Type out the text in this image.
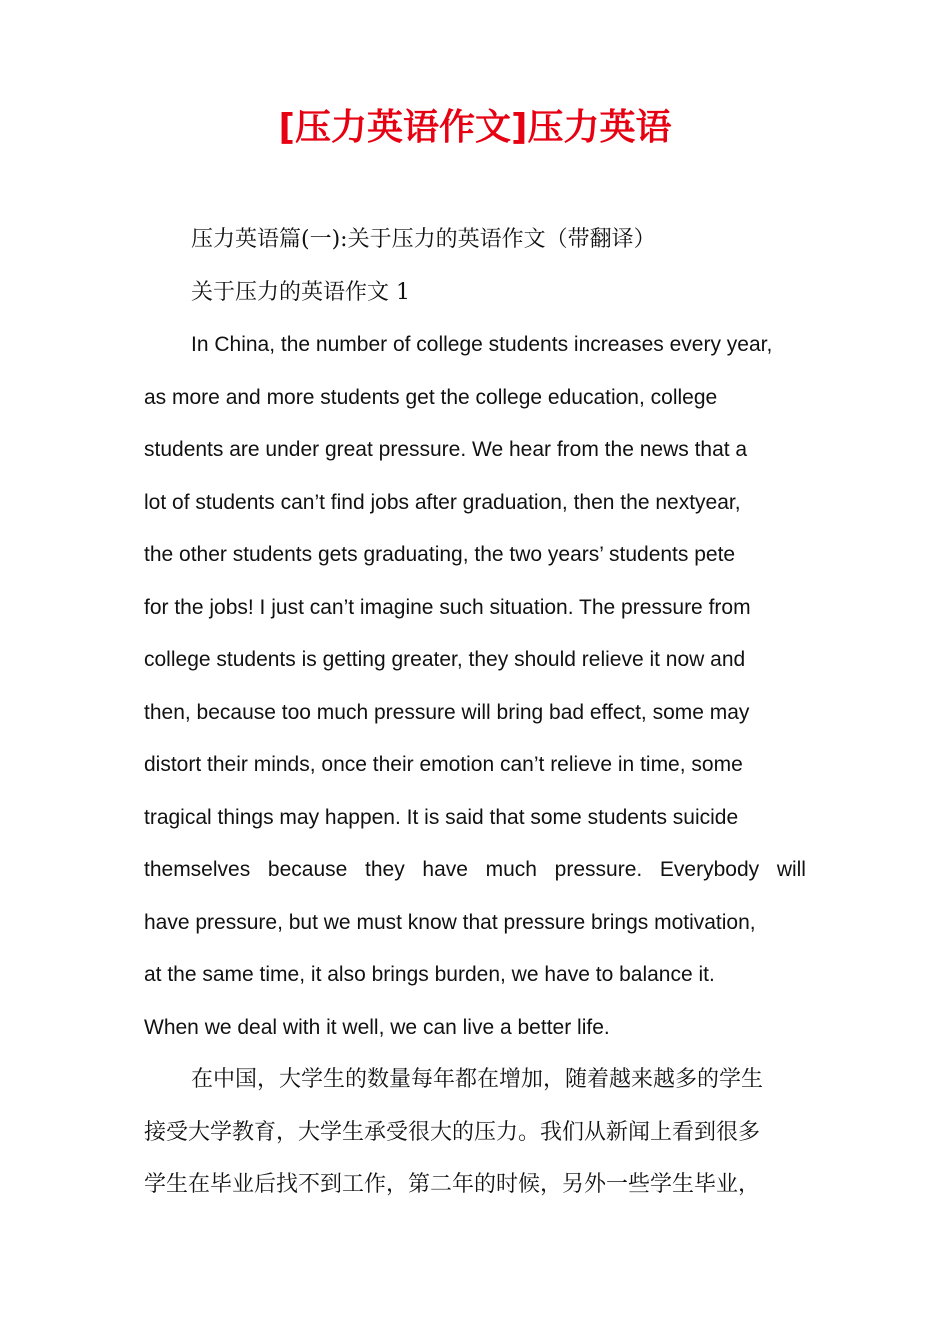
[压力英语作文]压力英语

压力英语篇(一):关于压力的英语作文（带翻译）

关于压力的英语作文 1

In China, the number of college students increases every year,

as more and more students get the college education, college

students are under great pressure. We hear from the news that a

lot of students can’t find jobs after graduation, then the nextyear,

the other students gets graduating, the two years’ students pete

for the jobs! I just can’t imagine such situation. The pressure from

college students is getting greater, they should relieve it now and

then, because too much pressure will bring bad effect, some may

distort their minds, once their emotion can’t relieve in time, some

tragical things may happen. It is said that some students suicide

themselves because they have much pressure. Everybody will

have pressure, but we must know that pressure brings motivation,

at the same time, it also brings burden, we have to balance it.

When we deal with it well, we can live a better life.

在中国，大学生的数量每年都在增加，随着越来越多的学生

接受大学教育，大学生承受很大的压力。我们从新闻上看到很多

学生在毕业后找不到工作，第二年的时候，另外一些学生毕业，
